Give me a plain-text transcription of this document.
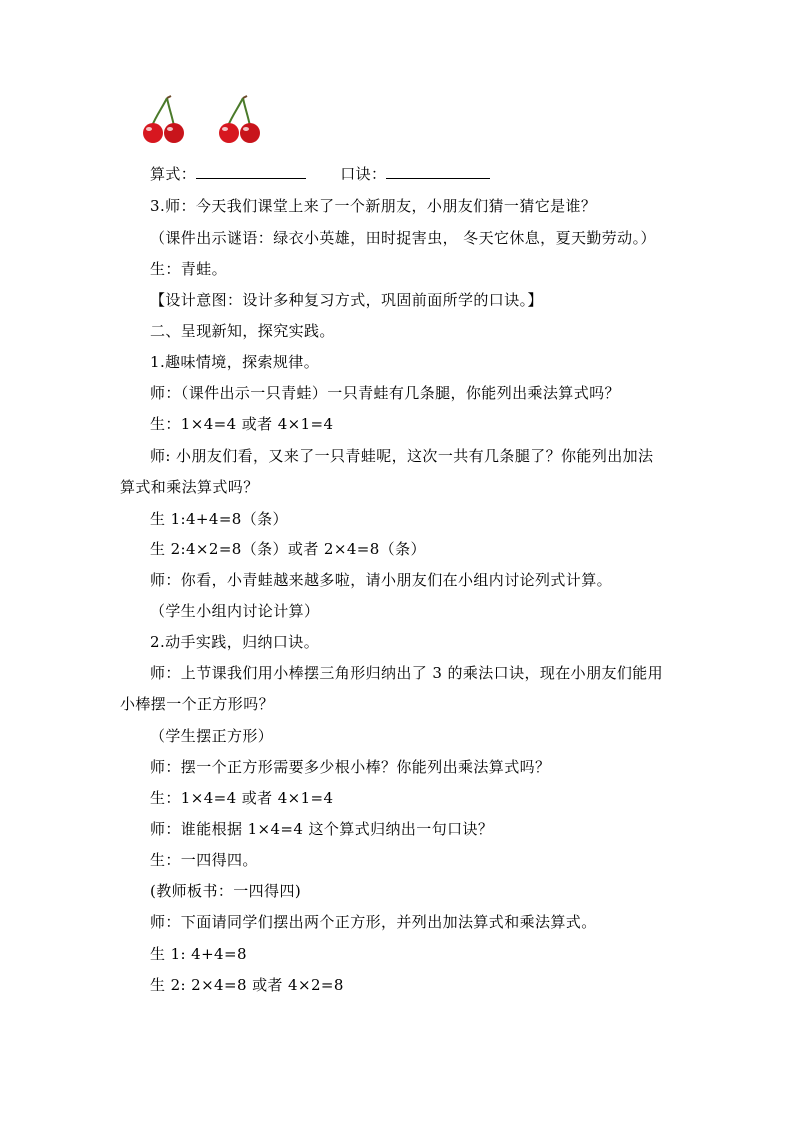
算式：	口诀：
3.师：今天我们课堂上来了一个新朋友，小朋友们猜一猜它是谁？
（课件出示谜语：绿衣小英雄，田时捉害虫， 冬天它休息，夏天勤劳动。）
生：青蛙。
【设计意图：设计多种复习方式，巩固前面所学的口诀。】
二、呈现新知，探究实践。
1.趣味情境，探索规律。
师：（课件出示一只青蛙）一只青蛙有几条腿，你能列出乘法算式吗？
生：1×4=4 或者 4×1=4
师: 小朋友们看，又来了一只青蛙呢，这次一共有几条腿了？你能列出加法
算式和乘法算式吗？
生 1:4+4=8（条）
生 2:4×2=8（条）或者 2×4=8（条）
师：你看，小青蛙越来越多啦，请小朋友们在小组内讨论列式计算。
（学生小组内讨论计算）
2.动手实践，归纳口诀。
师：上节课我们用小棒摆三角形归纳出了 3 的乘法口诀，现在小朋友们能用
小棒摆一个正方形吗？
（学生摆正方形）
师：摆一个正方形需要多少根小棒？你能列出乘法算式吗？
生：1×4=4 或者 4×1=4
师：谁能根据 1×4=4 这个算式归纳出一句口诀？
生：一四得四。
(教师板书：一四得四)
师：下面请同学们摆出两个正方形，并列出加法算式和乘法算式。
生 1: 4+4=8
生 2: 2×4=8 或者 4×2=8
